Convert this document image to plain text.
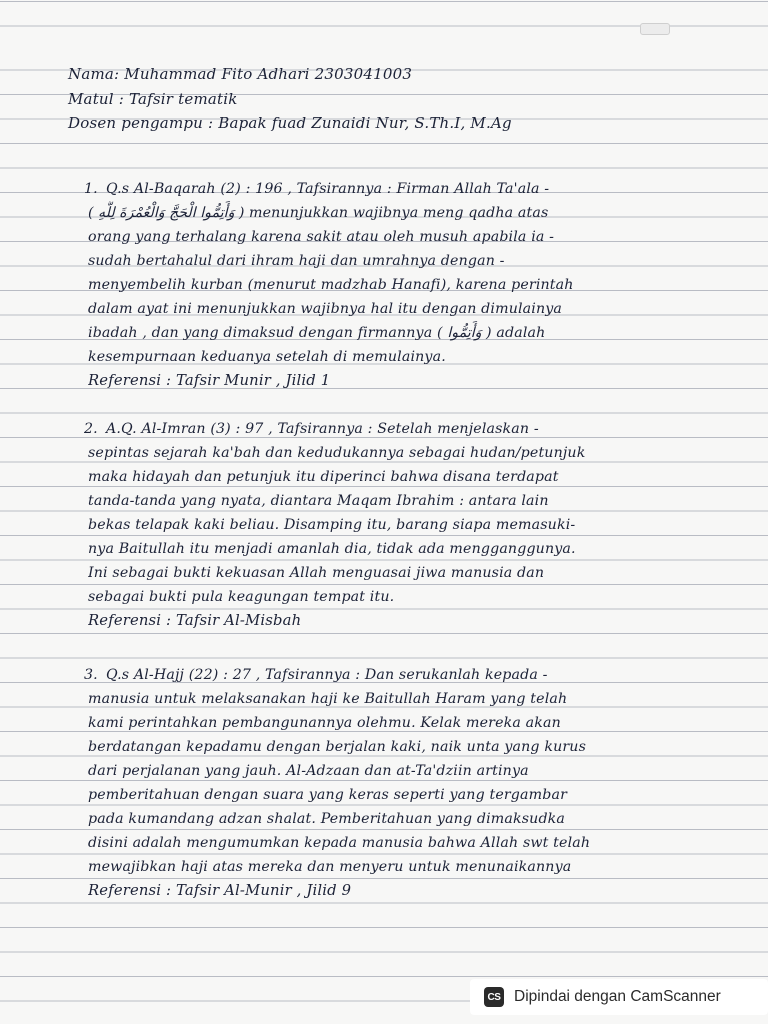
Nama: Muhammad Fito Adhari 2303041003
Matul : Tafsir tematik
Dosen pengampu : Bapak fuad Zunaidi Nur, S.Th.I, M.Ag
1. Q.s Al-Baqarah (2) : 196 , Tafsirannya : Firman Allah Ta'ala -
( وَأَتِمُّوا الْحَجَّ وَالْعُمْرَةَ لِلَّهِ ) menunjukkan wajibnya meng qadha atas
orang yang terhalang karena sakit atau oleh musuh apabila ia -
sudah bertahalul dari ihram haji dan umrahnya dengan -
menyembelih kurban (menurut madzhab Hanafi), karena perintah
dalam ayat ini menunjukkan wajibnya hal itu dengan dimulainya
ibadah , dan yang dimaksud dengan firmannya ( وَأَتِمُّوا ) adalah
kesempurnaan keduanya setelah di memulainya.
Referensi : Tafsir Munir , Jilid 1
2. A.Q. Al-Imran (3) : 97 , Tafsirannya : Setelah menjelaskan -
sepintas sejarah ka'bah dan kedudukannya sebagai hudan/petunjuk
maka hidayah dan petunjuk itu diperinci bahwa disana terdapat
tanda-tanda yang nyata, diantara Maqam Ibrahim : antara lain
bekas telapak kaki beliau. Disamping itu, barang siapa memasuki-
nya Baitullah itu menjadi amanlah dia, tidak ada mengganggunya.
Ini sebagai bukti kekuasan Allah menguasai jiwa manusia dan
sebagai bukti pula keagungan tempat itu.
Referensi : Tafsir Al-Misbah
3. Q.s Al-Hajj (22) : 27 , Tafsirannya : Dan serukanlah kepada -
manusia untuk melaksanakan haji ke Baitullah Haram yang telah
kami perintahkan pembangunannya olehmu. Kelak mereka akan
berdatangan kepadamu dengan berjalan kaki, naik unta yang kurus
dari perjalanan yang jauh. Al-Adzaan dan at-Ta'dziin artinya
pemberitahuan dengan suara yang keras seperti yang tergambar
pada kumandang adzan shalat. Pemberitahuan yang dimaksudka
disini adalah mengumumkan kepada manusia bahwa Allah swt telah
mewajibkan haji atas mereka dan menyeru untuk menunaikannya
Referensi : Tafsir Al-Munir , Jilid 9
CS Dipindai dengan CamScanner
